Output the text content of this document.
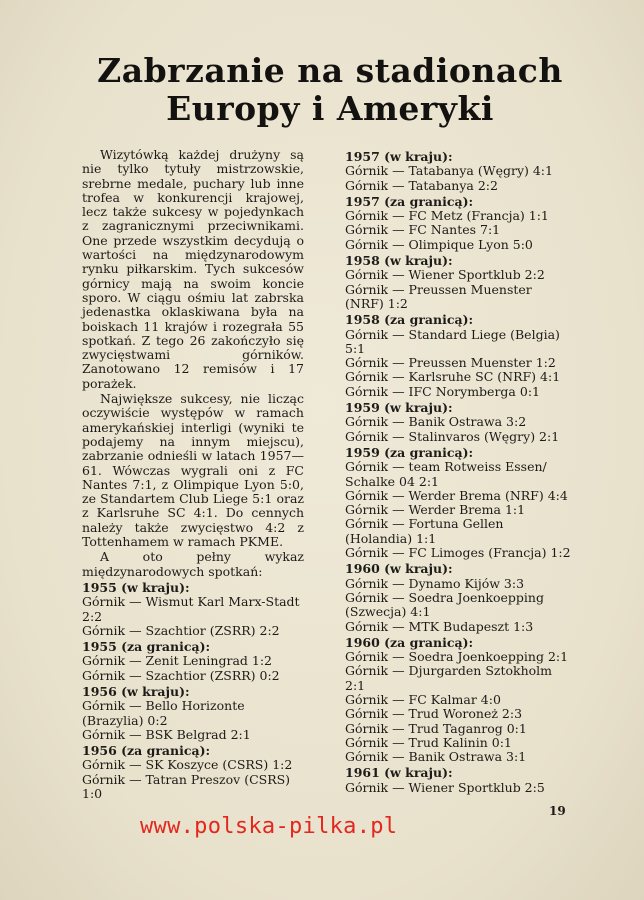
Zabrzanie na stadionach
Europy i Ameryki

Wizytówką każdej drużyny są nie tylko tytuły mistrzowskie, srebrne medale, puchary lub inne trofea w konkurencji krajowej, lecz także sukcesy w pojedynkach z zagranicznymi przeciwnikami. One przede wszystkim decydują o wartości na międzynarodowym rynku piłkarskim. Tych sukcesów górnicy mają na swoim koncie sporo. W ciągu ośmiu lat zabrska jedenastka oklaskiwana była na boiskach 11 krajów i rozegrała 55 spotkań. Z tego 26 zakończyło się zwycięstwami górników. Zanotowano 12 remisów i 17 porażek.

Największe sukcesy, nie licząc oczywiście występów w ramach amerykańskiej interligi (wyniki te podajemy na innym miejscu), zabrzanie odnieśli w latach 1957—61. Wówczas wygrali oni z FC Nantes 7:1, z Olimpique Lyon 5:0, ze Standartem Club Liege 5:1 oraz z Karlsruhe SC 4:1. Do cennych należy także zwycięstwo 4:2 z Tottenhamem w ramach PKME.

A oto pełny wykaz międzynarodowych spotkań:

1955 (w kraju):
Górnik — Wismut Karl Marx-Stadt
2:2
Górnik — Szachtior (ZSRR) 2:2
1955 (za granicą):
Górnik — Zenit Leningrad 1:2
Górnik — Szachtior (ZSRR) 0:2
1956 (w kraju):
Górnik — Bello Horizonte (Brazylia) 0:2
Górnik — BSK Belgrad 2:1
1956 (za granicą):
Górnik — SK Koszyce (CSRS) 1:2
Górnik — Tatran Preszov (CSRS)
1:0
1957 (w kraju):
Górnik — Tatabanya (Węgry) 4:1
Górnik — Tatabanya 2:2
1957 (za granicą):
Górnik — FC Metz (Francja) 1:1
Górnik — FC Nantes 7:1
Górnik — Olimpique Lyon 5:0
1958 (w kraju):
Górnik — Wiener Sportklub 2:2
Górnik — Preussen Muenster
(NRF) 1:2
1958 (za granicą):
Górnik — Standard Liege (Belgia)
5:1
Górnik — Preussen Muenster 1:2
Górnik — Karlsruhe SC (NRF) 4:1
Górnik — IFC Norymberga 0:1
1959 (w kraju):
Górnik — Banik Ostrawa 3:2
Górnik — Stalinvaros (Węgry) 2:1
1959 (za granicą):
Górnik — team Rotweiss Essen/
Schalke 04 2:1
Górnik — Werder Brema (NRF) 4:4
Górnik — Werder Brema 1:1
Górnik — Fortuna Gellen (Holandia) 1:1
Górnik — FC Limoges (Francja) 1:2
1960 (w kraju):
Górnik — Dynamo Kijów 3:3
Górnik — Soedra Joenkoepping
(Szwecja) 4:1
Górnik — MTK Budapeszt 1:3
1960 (za granicą):
Górnik — Soedra Joenkoepping 2:1
Górnik — Djurgarden Sztokholm 2:1
Górnik — FC Kalmar 4:0
Górnik — Trud Woroneż 2:3
Górnik — Trud Taganrog 0:1
Górnik — Trud Kalinin 0:1
Górnik — Banik Ostrawa 3:1
1961 (w kraju):
Górnik — Wiener Sportklub 2:5
19
www.polska-pilka.pl
